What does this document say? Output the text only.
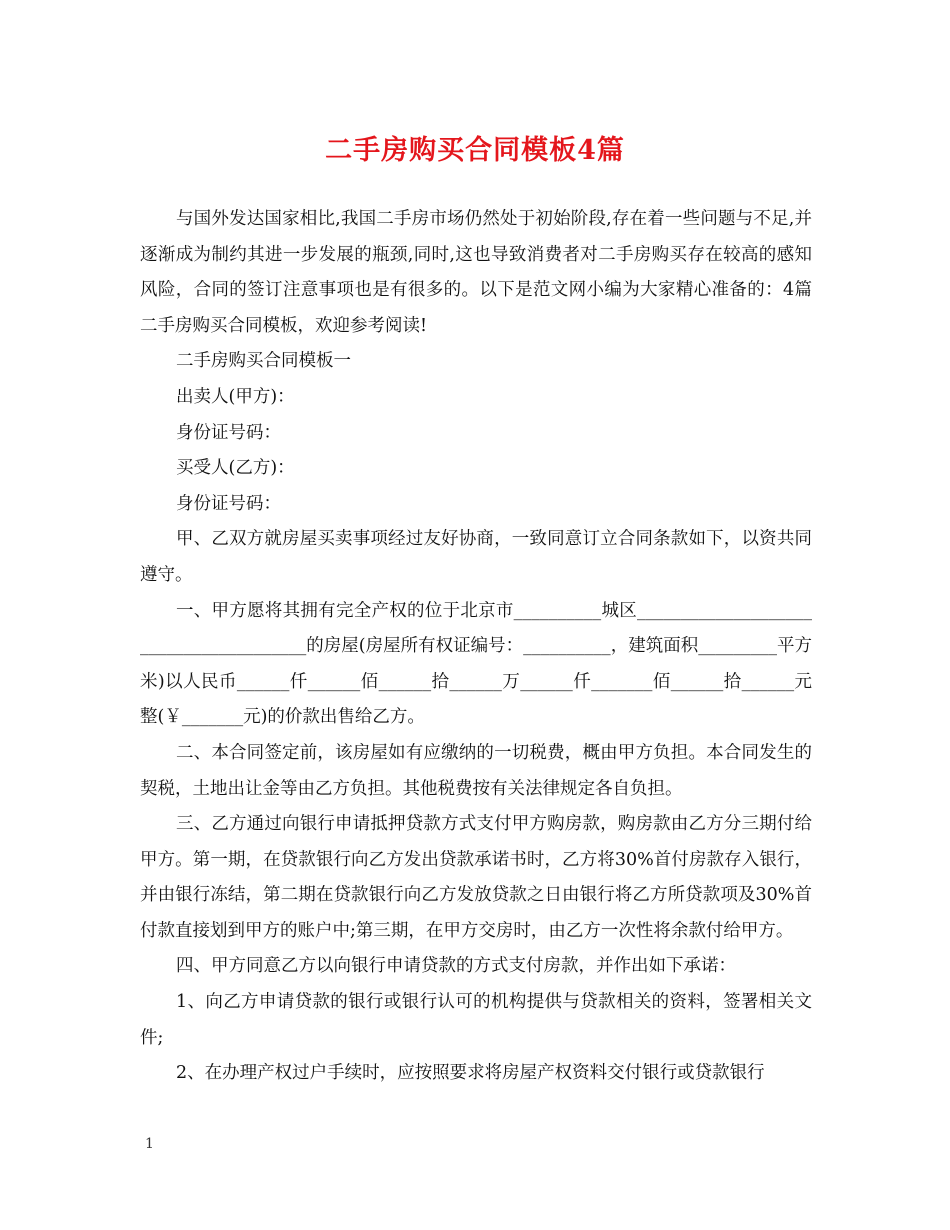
二手房购买合同模板4篇

与国外发达国家相比,我国二手房市场仍然处于初始阶段,存在着一些问题与不足,并逐渐成为制约其进一步发展的瓶颈,同时,这也导致消费者对二手房购买存在较高的感知风险，合同的签订注意事项也是有很多的。以下是范文网小编为大家精心准备的：4篇二手房购买合同模板，欢迎参考阅读!

二手房购买合同模板一

出卖人(甲方)：

身份证号码：

买受人(乙方)：

身份证号码：

甲、乙双方就房屋买卖事项经过友好协商，一致同意订立合同条款如下，以资共同遵守。

一、甲方愿将其拥有完全产权的位于北京市__________城区_______________________________________的房屋(房屋所有权证编号：__________，建筑面积_________平方米)以人民币______仟______佰______拾______万______仟_______佰______拾______元整(￥_______元)的价款出售给乙方。

二、本合同签定前，该房屋如有应缴纳的一切税费，概由甲方负担。本合同发生的契税，土地出让金等由乙方负担。其他税费按有关法律规定各自负担。

三、乙方通过向银行申请抵押贷款方式支付甲方购房款，购房款由乙方分三期付给甲方。第一期，在贷款银行向乙方发出贷款承诺书时，乙方将30%首付房款存入银行，并由银行冻结，第二期在贷款银行向乙方发放贷款之日由银行将乙方所贷款项及30%首付款直接划到甲方的账户中;第三期，在甲方交房时，由乙方一次性将余款付给甲方。

四、甲方同意乙方以向银行申请贷款的方式支付房款，并作出如下承诺：

1、向乙方申请贷款的银行或银行认可的机构提供与贷款相关的资料，签署相关文件;

2、在办理产权过户手续时，应按照要求将房屋产权资料交付银行或贷款银行

1
